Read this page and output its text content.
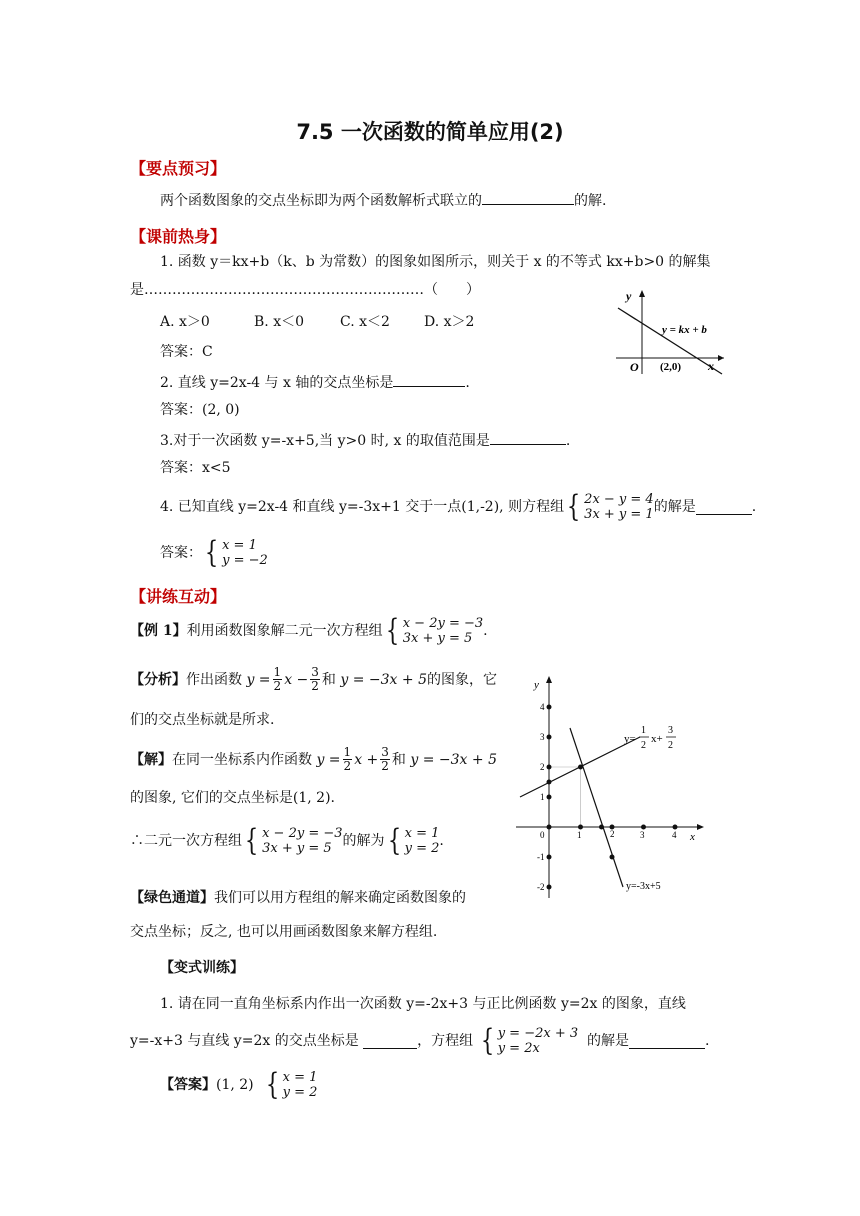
7.5 一次函数的简单应用(2)
【要点预习】
两个函数图象的交点坐标即为两个函数解析式联立的	的解.
【课前热身】
1. 函数 y＝kx+b（k、b 为常数）的图象如图所示，则关于 x 的不等式 kx+b>0 的解集
是……………………………………………………（　　）
A. x＞0	B. x＜0	C. x＜2 D. x＞2
答案：C
y
x
O (2,0)
y = kx + b
2. 直线 y=2x-4 与 x 轴的交点坐标是	.
答案：(2, 0)
3.对于一次函数 y=-x+5,当 y>0 时, x 的取值范围是	.
答案：x<5
4. 已知直线 y=2x-4 和直线 y=-3x+1 交于一点(1,-2), 则方程组 { 2x − y = 4
3x + y = 1 的解是	.
答案： { x = 1
y = −2
【讲练互动】
【例 1】 利用函数图象解二元一次方程组 { x − 2y = −3
3x + y = 5 .
【分析】 作出函数 $y = \frac{1}{2}$ $x - \frac{3}{2}$ 和
y = −3x + 5 的图象，它
们的交点坐标就是所求.
【解】 在同一坐标系内作函数 $y = \frac{1}{2}$ $x + \frac{3}{2}$ 和
y = −3x + 5
的图象, 它们的交点坐标是(1, 2).
∴二元一次方程组 { x − 2y = −3
3x + y = 5 的解为 { x = 1
y = 2 .
【绿色通道】我们可以用方程组的解来确定函数图象的
交点坐标；反之, 也可以用画函数图象来解方程组.
y
x
0
4
3
2
1
-1
-2
1	2	3	4
y=
1
2
x+
3
2
y=-3x+5
【变式训练】
1. 请在同一直角坐标系内作出一次函数 y=-2x+3 与正比例函数 y=2x 的图象，直线
y=-x+3 与直线 y=2x 的交点坐标是
	，方程组
{ y = −2x + 3
y = 2x
	的解是	.
【答案】 (1, 2)
{ x = 1
y = 2
